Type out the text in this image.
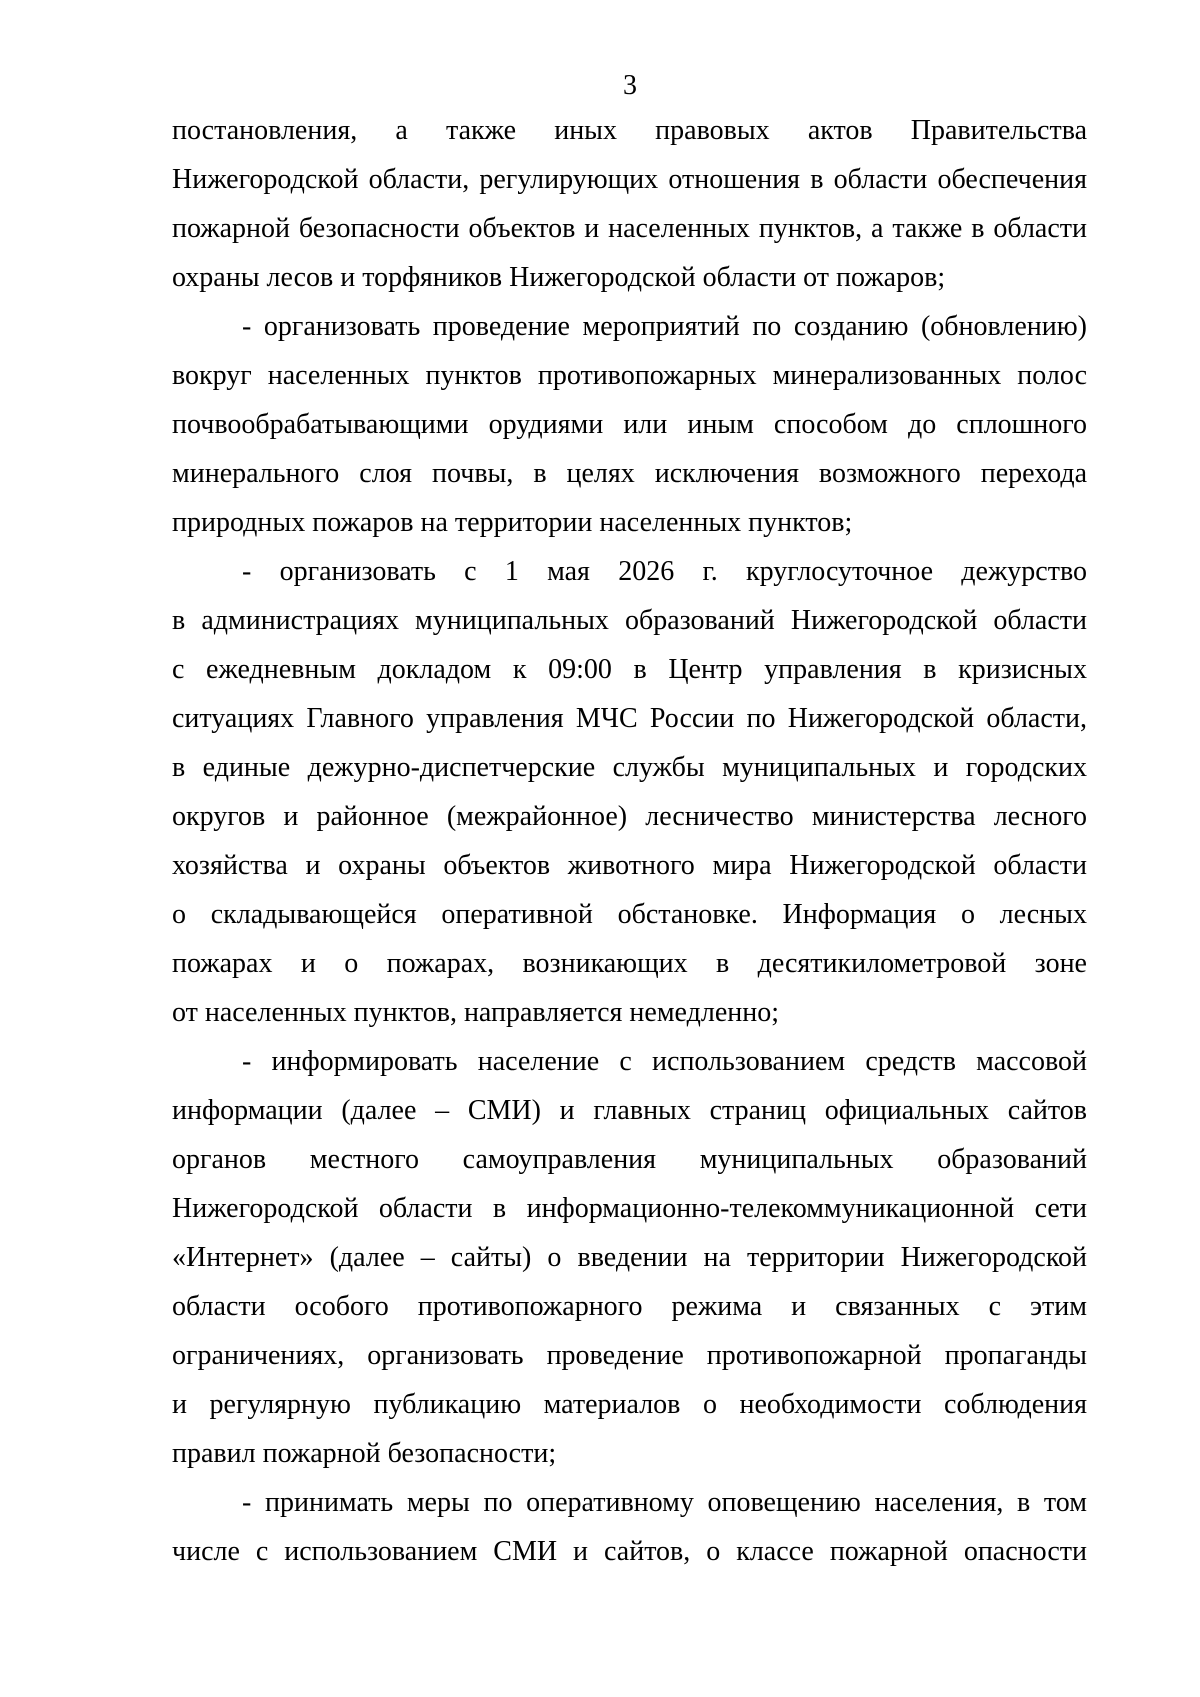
3
постановления, а также иных правовых актов Правительства
Нижегородской области, регулирующих отношения в области обеспечения
пожарной безопасности объектов и населенных пунктов, а также в области
охраны лесов и торфяников Нижегородской области от пожаров;
- организовать проведение мероприятий по созданию (обновлению)
вокруг населенных пунктов противопожарных минерализованных полос
почвообрабатывающими орудиями или иным способом до сплошного
минерального слоя почвы, в целях исключения возможного перехода
природных пожаров на территории населенных пунктов;
- организовать с 1 мая 2026 г. круглосуточное дежурство
в администрациях муниципальных образований Нижегородской области
с ежедневным докладом к 09:00 в Центр управления в кризисных
ситуациях Главного управления МЧС России по Нижегородской области,
в единые дежурно-диспетчерские службы муниципальных и городских
округов и районное (межрайонное) лесничество министерства лесного
хозяйства и охраны объектов животного мира Нижегородской области
о складывающейся оперативной обстановке. Информация о лесных
пожарах и о пожарах, возникающих в десятикилометровой зоне
от населенных пунктов, направляется немедленно;
- информировать население с использованием средств массовой
информации (далее – СМИ) и главных страниц официальных сайтов
органов местного самоуправления муниципальных образований
Нижегородской области в информационно-телекоммуникационной сети
«Интернет» (далее – сайты) о введении на территории Нижегородской
области особого противопожарного режима и связанных с этим
ограничениях, организовать проведение противопожарной пропаганды
и регулярную публикацию материалов о необходимости соблюдения
правил пожарной безопасности;
- принимать меры по оперативному оповещению населения, в том
числе с использованием СМИ и сайтов, о классе пожарной опасности
